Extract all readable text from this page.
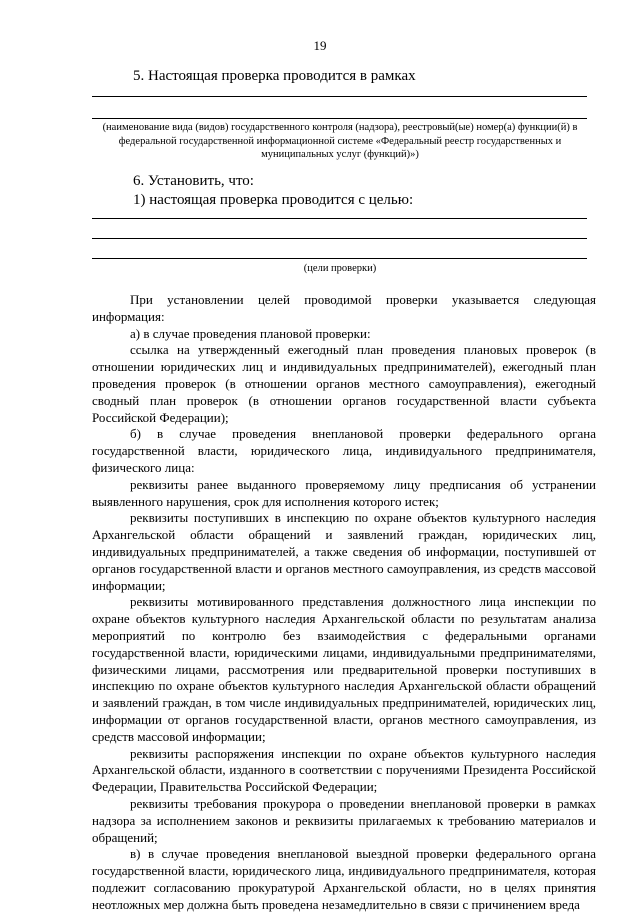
19
5. Настоящая проверка проводится в рамках
(наименование вида (видов) государственного контроля (надзора), реестровый(ые) номер(а) функции(й) в федеральной государственной информационной системе «Федеральный реестр государственных и муниципальных услуг (функций)»)
6. Установить, что:
1) настоящая проверка проводится с целью:
(цели проверки)

При установлении целей проводимой проверки указывается следующая информация:

а) в случае проведения плановой проверки:

ссылка на утвержденный ежегодный план проведения плановых проверок (в отношении юридических лиц и индивидуальных предпринимателей), ежегодный план проведения проверок (в отношении органов местного самоуправления), ежегодный сводный план проверок (в отношении органов государственной власти субъекта Российской Федерации);

б) в случае проведения внеплановой проверки федерального органа государственной власти, юридического лица, индивидуального предпринимателя, физического лица:

реквизиты ранее выданного проверяемому лицу предписания об устранении выявленного нарушения, срок для исполнения которого истек;

реквизиты поступивших в инспекцию по охране объектов культурного наследия Архангельской области обращений и заявлений граждан, юридических лиц, индивидуальных предпринимателей, а также сведения об информации, поступившей от органов государственной власти и органов местного самоуправления, из средств массовой информации;

реквизиты мотивированного представления должностного лица инспекции по охране объектов культурного наследия Архангельской области по результатам анализа мероприятий по контролю без взаимодействия с федеральными органами государственной власти, юридическими лицами, индивидуальными предпринимателями, физическими лицами, рассмотрения или предварительной проверки поступивших в инспекцию по охране объектов культурного наследия Архангельской области обращений и заявлений граждан, в том числе индивидуальных предпринимателей, юридических лиц, информации от органов государственной власти, органов местного самоуправления, из средств массовой информации;

реквизиты распоряжения инспекции по охране объектов культурного наследия Архангельской области, изданного в соответствии с поручениями Президента Российской Федерации, Правительства Российской Федерации;

реквизиты требования прокурора о проведении внеплановой проверки в рамках надзора за исполнением законов и реквизиты прилагаемых к требованию материалов и обращений;

в) в случае проведения внеплановой выездной проверки федерального органа государственной власти, юридического лица, индивидуального предпринимателя, которая подлежит согласованию прокуратурой Архангельской области, но в целях принятия неотложных мер должна быть проведена незамедлительно в связи с причинением вреда
